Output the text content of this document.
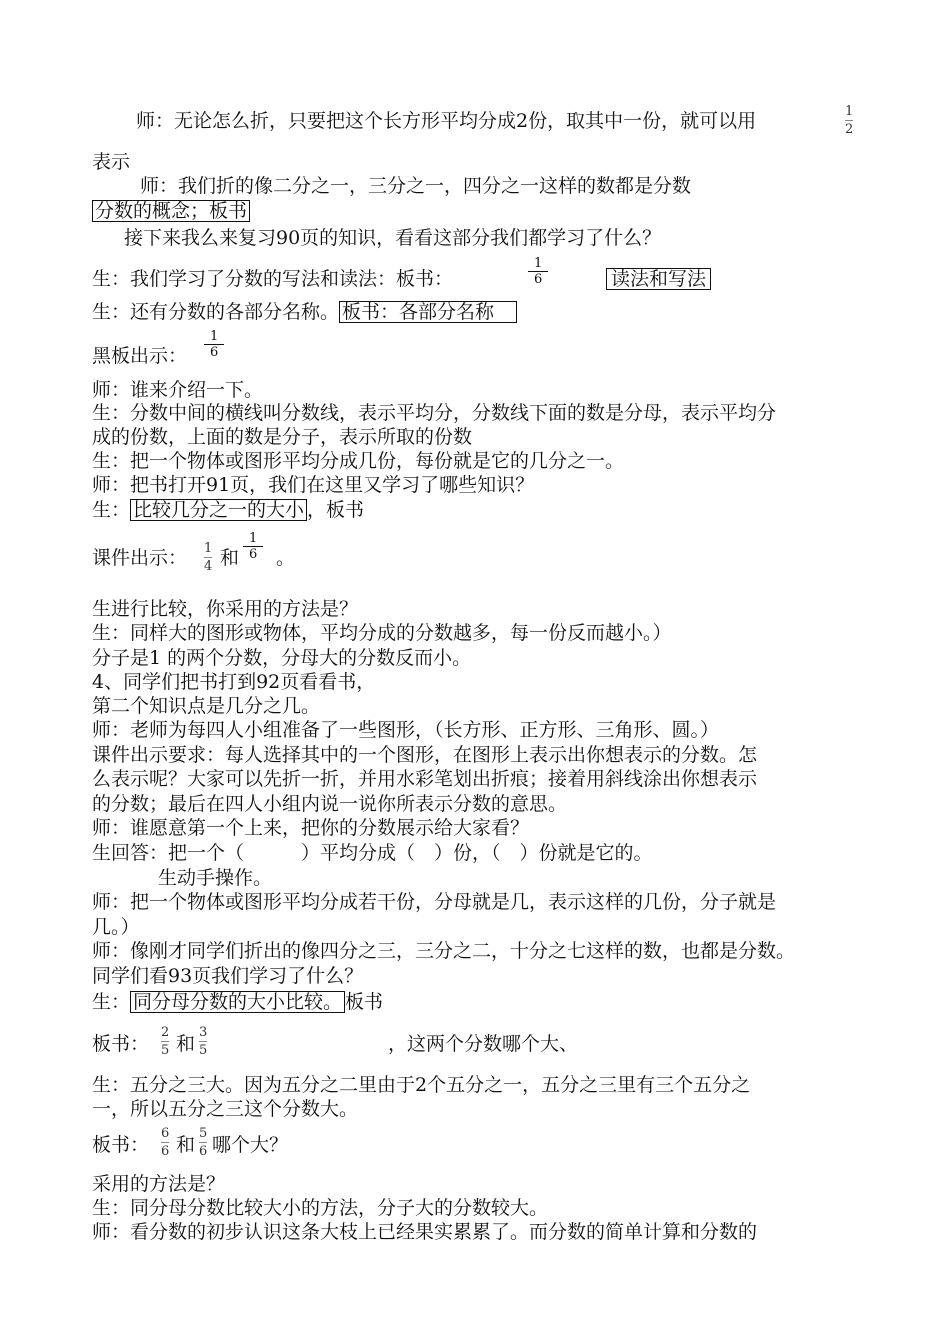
师：无论怎么折，只要把这个长方形平均分成2份，取其中一份，就可以用	1
2
表示
师：我们折的像二分之一，三分之一，四分之一这样的数都是分数
分数的概念；板书
接下来我么来复习90页的知识，看看这部分我们都学习了什么？
生：我们学习了分数的写法和读法：板书：	$\frac{1}{6}$	读法和写法
生：还有分数的各部分名称。 板书：各部分名称
黑板出示： $\frac{1}{6}$
师：谁来介绍一下。
生：分数中间的横线叫分数线，表示平均分，分数线下面的数是分母，表示平均分
成的份数，上面的数是分子，表示所取的份数
生：把一个物体或图形平均分成几份，每份就是它的几分之一。
师：把书打开91页，我们在这里又学习了哪些知识？
生： 比较几分之一的大小 ，板书
课件出示： 1
4 和 $\frac{1}{6}$ 。
生进行比较，你采用的方法是？
生：同样大的图形或物体，平均分成的分数越多，每一份反而越小。）
分子是1 的两个分数，分母大的分数反而小。
4、同学们把书打到92页看看书，
第二个知识点是几分之几。
师：老师为每四人小组准备了一些图形，（长方形、正方形、三角形、圆。）
课件出示要求：每人选择其中的一个图形，在图形上表示出你想表示的分数。怎
么表示呢？大家可以先折一折，并用水彩笔划出折痕；接着用斜线涂出你想表示
的分数；最后在四人小组内说一说你所表示分数的意思。
师：谁愿意第一个上来，把你的分数展示给大家看？
生回答：把一个（　　　）平均分成（　）份，（　）份就是它的。
生动手操作。
师：把一个物体或图形平均分成若干份，分母就是几，表示这样的几份，分子就是
几。）
师：像刚才同学们折出的像四分之三，三分之二，十分之七这样的数，也都是分数。
同学们看93页我们学习了什么？
生： 同分母分数的大小比较。 板书
板书：
2
5 和
3
5	，这两个分数哪个大、
生：五分之三大。因为五分之二里由于2个五分之一，五分之三里有三个五分之
一，所以五分之三这个分数大。
板书：
6
6 和
5
6 哪个大？
采用的方法是？
生：同分母分数比较大小的方法，分子大的分数较大。
师：看分数的初步认识这条大枝上已经果实累累了。而分数的简单计算和分数的
